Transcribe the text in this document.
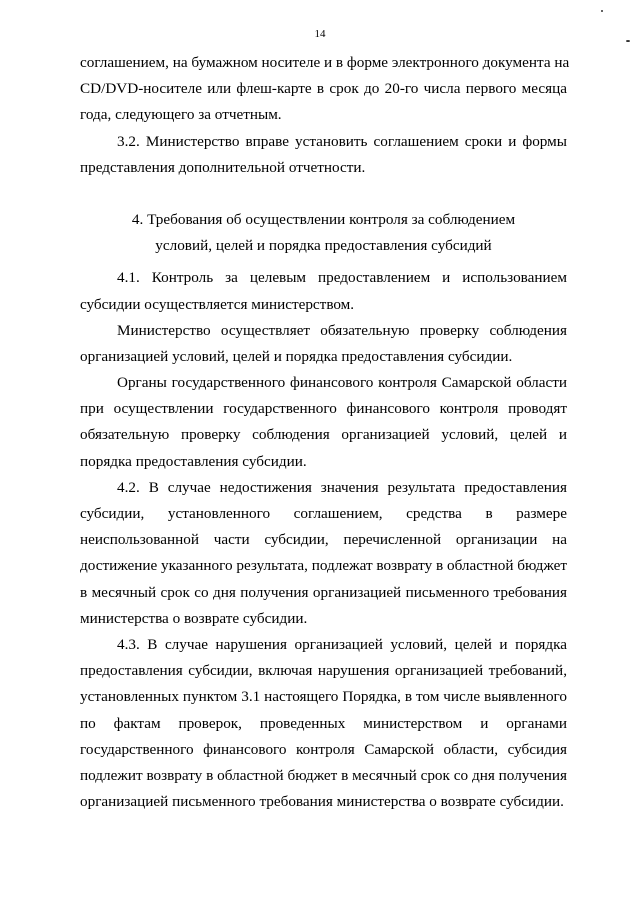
14
соглашением, на бумажном носителе и в форме электронного документа на
CD/DVD-носителе или флеш-карте в срок до 20-го числа первого месяца
года, следующего за отчетным.
3.2. Министерство вправе установить соглашением сроки и формы
представления дополнительной отчетности.
4. Требования об осуществлении контроля за соблюдением
условий, целей и порядка предоставления субсидий
4.1. Контроль за целевым предоставлением и использованием
субсидии осуществляется министерством.
Министерство осуществляет обязательную проверку соблюдения
организацией условий, целей и порядка предоставления субсидии.
Органы государственного финансового контроля Самарской области
при осуществлении государственного финансового контроля проводят
обязательную проверку соблюдения организацией условий, целей и
порядка предоставления субсидии.
4.2. В случае недостижения значения результата предоставления
субсидии, установленного соглашением, средства в размере
неиспользованной части субсидии, перечисленной организации на
достижение указанного результата, подлежат возврату в областной бюджет
в месячный срок со дня получения организацией письменного требования
министерства о возврате субсидии.
4.3. В случае нарушения организацией условий, целей и порядка
предоставления субсидии, включая нарушения организацией требований,
установленных пунктом 3.1 настоящего Порядка, в том числе выявленного
по фактам проверок, проведенных министерством и органами
государственного финансового контроля Самарской области, субсидия
подлежит возврату в областной бюджет в месячный срок со дня получения
организацией письменного требования министерства о возврате субсидии.
